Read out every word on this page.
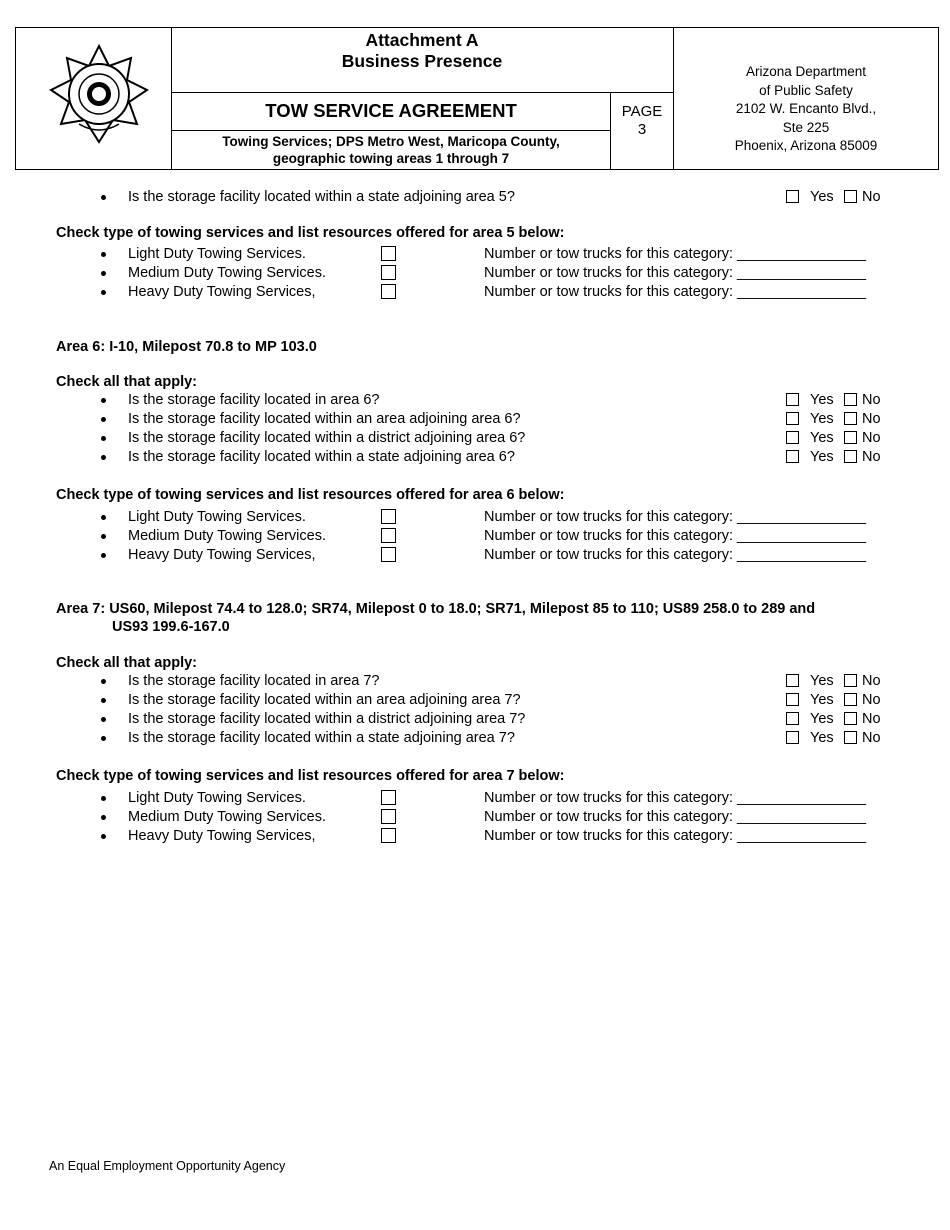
Attachment A
Business Presence
TOW SERVICE AGREEMENT	PAGE
3
Towing Services; DPS Metro West, Maricopa County,
geographic towing areas 1 through 7
Arizona Department
of Public Safety
2102 W. Encanto Blvd.,
Ste 225
Phoenix, Arizona 85009
Is the storage facility located within a state adjoining area 5?	Yes No
Check type of towing services and list resources offered for area 5 below:
Light Duty Towing Services.	Number or tow trucks for this category: ________________
Medium Duty Towing Services.	Number or tow trucks for this category: ________________
Heavy Duty Towing Services,	Number or tow trucks for this category: ________________
Area 6: I-10, Milepost 70.8 to MP 103.0
Check all that apply:
Is the storage facility located in area 6?	Yes No
Is the storage facility located within an area adjoining area 6?	Yes No
Is the storage facility located within a district adjoining area 6?	Yes No
Is the storage facility located within a state adjoining area 6?	Yes No
Check type of towing services and list resources offered for area 6 below:
Light Duty Towing Services.	Number or tow trucks for this category: ________________
Medium Duty Towing Services.	Number or tow trucks for this category: ________________
Heavy Duty Towing Services,	Number or tow trucks for this category: ________________
Area 7: US60, Milepost 74.4 to 128.0; SR74, Milepost 0 to 18.0; SR71, Milepost 85 to 110; US89 258.0 to 289 and
US93 199.6-167.0
Check all that apply:
Is the storage facility located in area 7?	Yes No
Is the storage facility located within an area adjoining area 7?	Yes No
Is the storage facility located within a district adjoining area 7?	Yes No
Is the storage facility located within a state adjoining area 7?	Yes No
Check type of towing services and list resources offered for area 7 below:
Light Duty Towing Services.	Number or tow trucks for this category: ________________
Medium Duty Towing Services.	Number or tow trucks for this category: ________________
Heavy Duty Towing Services,	Number or tow trucks for this category: ________________
An Equal Employment Opportunity Agency
